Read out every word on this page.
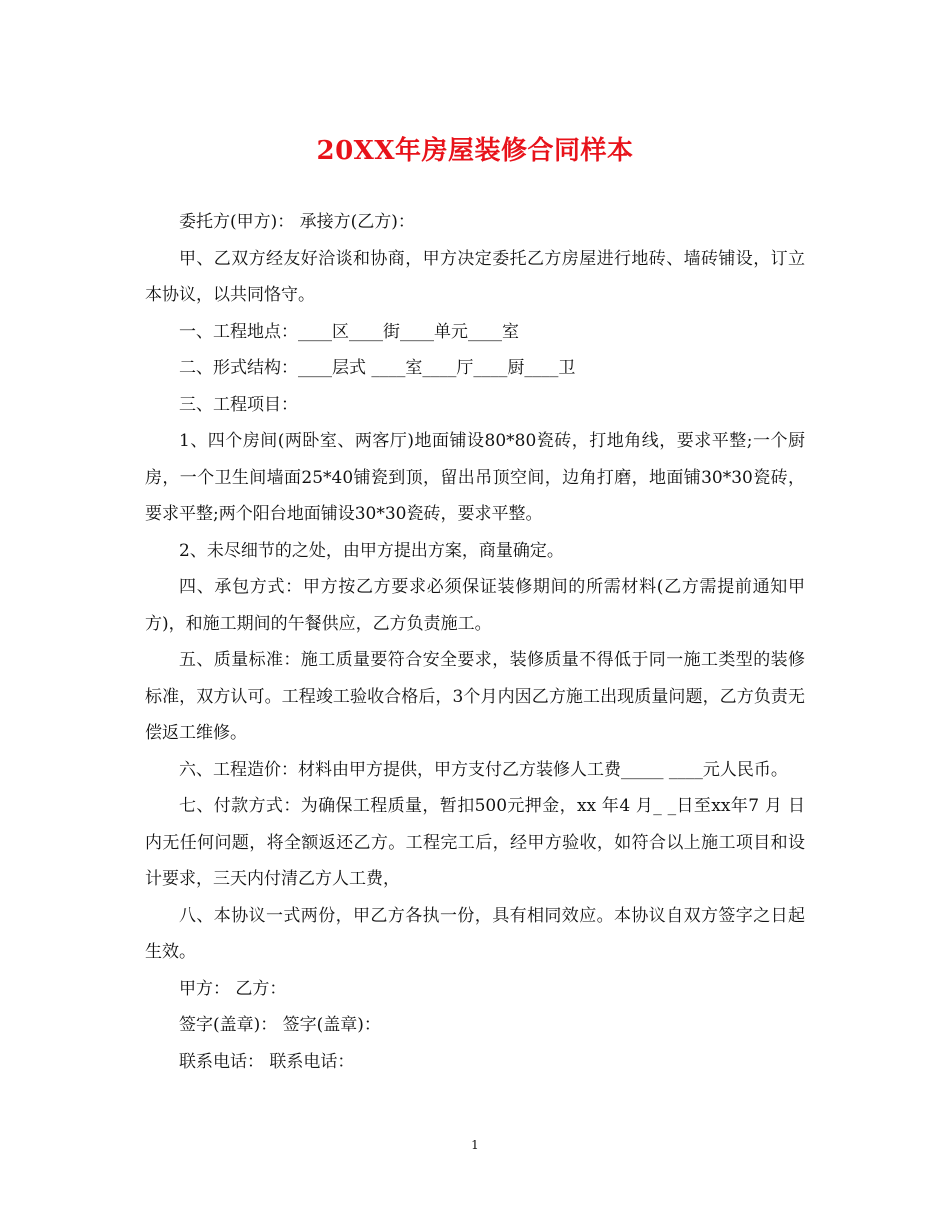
20XX年房屋装修合同样本

委托方(甲方)： 承接方(乙方)：

甲、乙双方经友好洽谈和协商，甲方决定委托乙方房屋进行地砖、墙砖铺设，订立本协议，以共同恪守。

一、工程地点：____区____街____单元____室

二、形式结构：____层式 ____室____厅____厨____卫

三、工程项目：

1、四个房间(两卧室、两客厅)地面铺设80*80瓷砖，打地角线，要求平整;一个厨房，一个卫生间墙面25*40铺瓷到顶，留出吊顶空间，边角打磨，地面铺30*30瓷砖，要求平整;两个阳台地面铺设30*30瓷砖，要求平整。

2、未尽细节的之处，由甲方提出方案，商量确定。

四、承包方式：甲方按乙方要求必须保证装修期间的所需材料(乙方需提前通知甲方)，和施工期间的午餐供应，乙方负责施工。

五、质量标准：施工质量要符合安全要求，装修质量不得低于同一施工类型的装修标准，双方认可。工程竣工验收合格后，3个月内因乙方施工出现质量问题，乙方负责无偿返工维修。

六、工程造价：材料由甲方提供，甲方支付乙方装修人工费_____ ____元人民币。

七、付款方式：为确保工程质量，暂扣500元押金，xx 年4 月_ _日至xx年7 月 日内无任何问题，将全额返还乙方。工程完工后，经甲方验收，如符合以上施工项目和设计要求，三天内付清乙方人工费，

八、本协议一式两份，甲乙方各执一份，具有相同效应。本协议自双方签字之日起生效。

甲方： 乙方：

签字(盖章)： 签字(盖章)：

联系电话： 联系电话：

1
